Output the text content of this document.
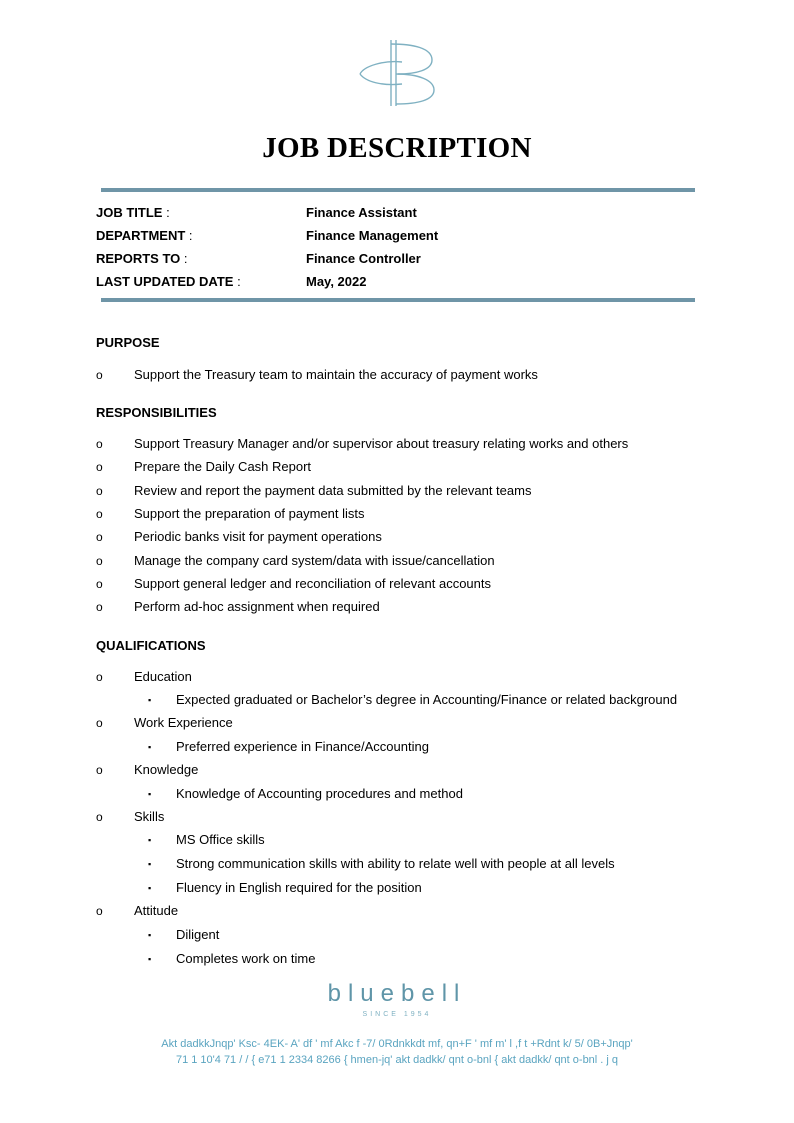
JOB DESCRIPTION
JOB TITLE :	Finance Assistant
DEPARTMENT :	Finance Management
REPORTS TO :	Finance Controller
LAST UPDATED DATE :	May, 2022
PURPOSE
o Support the Treasury team to maintain the accuracy of payment works
RESPONSIBILITIES
o Support Treasury Manager and/or supervisor about treasury relating works and others
o Prepare the Daily Cash Report
o Review and report the payment data submitted by the relevant teams
o Support the preparation of payment lists
o Periodic banks visit for payment operations
o Manage the company card system/data with issue/cancellation
o Support general ledger and reconciliation of relevant accounts
o Perform ad-hoc assignment when required
QUALIFICATIONS
o Education
▪ Expected graduated or Bachelor’s degree in Accounting/Finance or related background
o Work Experience
▪ Preferred experience in Finance/Accounting
o Knowledge
▪ Knowledge of Accounting procedures and method
o Skills
▪ MS Office skills
▪ Strong communication skills with ability to relate well with people at all levels
▪ Fluency in English required for the position
o Attitude
▪ Diligent
▪ Completes work on time
bluebell
SINCE 1954
Akt dadkkJnqp' Ksc- 4EK- A' df ' mf Akc f -7/ 0Rdnkkdt mf, qn+F ' mf m' l ,f t +Rdnt k/ 5/ 0B+Jnqp'
71 1 10'4 71 / / { e71 1 2334 8266 { hmen-jq' akt dadkk/ qnt o-bnl { akt dadkk/ qnt o-bnl . j q
